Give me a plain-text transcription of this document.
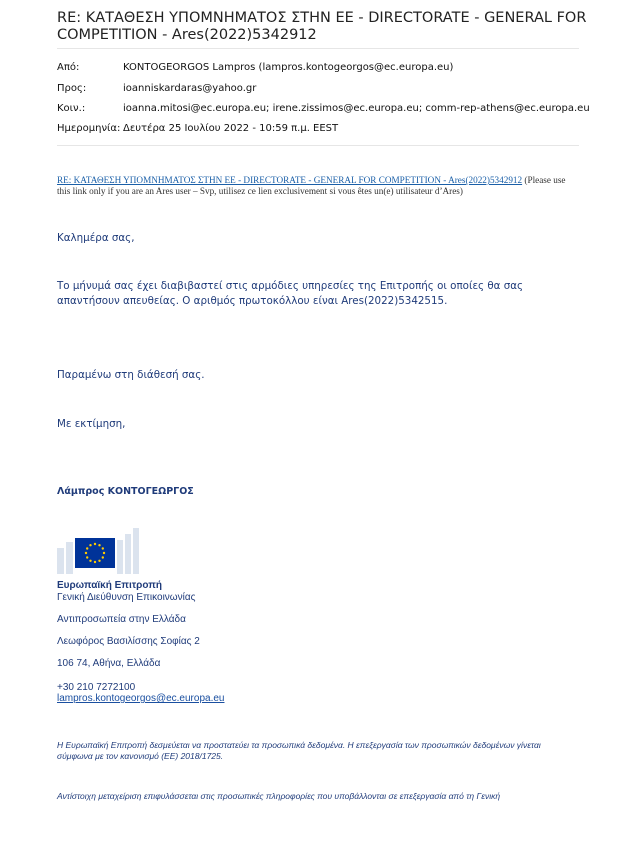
RE: ΚΑΤΑΘΕΣΗ ΥΠΟΜΝΗΜΑΤΟΣ ΣΤΗΝ ΕΕ - DIRECTORATE - GENERAL FOR COMPETITION - Ares(2022)5342912
Από:	KONTOGEORGOS Lampros (lampros.kontogeorgos@ec.europa.eu)
Προς:	ioanniskardaras@yahoo.gr
Κοιν.:	ioanna.mitosi@ec.europa.eu; irene.zissimos@ec.europa.eu; comm-rep-athens@ec.europa.eu
Ημερομηνία: Δευτέρα 25 Ιουλίου 2022 - 10:59 π.μ. EEST
RE: ΚΑΤΑΘΕΣΗ ΥΠΟΜΝΗΜΑΤΟΣ ΣΤΗΝ ΕΕ - DIRECTORATE - GENERAL FOR COMPETITION - Ares(2022)5342912 (Please use this link only if you are an Ares user – Svp, utilisez ce lien exclusivement si vous êtes un(e) utilisateur d’Ares)
Καλημέρα σας,
Το μήνυμά σας έχει διαβιβαστεί στις αρμόδιες υπηρεσίες της Επιτροπής οι οποίες θα σας απαντήσουν απευθείας. Ο αριθμός πρωτοκόλλου είναι Ares(2022)5342515.
Παραμένω στη διάθεσή σας.
Με εκτίμηση,
Λάμπρος ΚΟΝΤΟΓΕΩΡΓΟΣ
Ευρωπαϊκή Επιτροπή
Γενική Διεύθυνση Επικοινωνίας
Αντιπροσωπεία στην Ελλάδα
Λεωφόρος Βασιλίσσης Σοφίας 2
106 74, Αθήνα, Ελλάδα
+30 210 7272100
lampros.kontogeorgos@ec.europa.eu
Η Ευρωπαϊκή Επιτροπή δεσμεύεται να προστατεύει τα προσωπικά δεδομένα. Η επεξεργασία των προσωπικών δεδομένων γίνεται σύμφωνα με τον κανονισμό (ΕΕ) 2018/1725.
Αντίστοιχη μεταχείριση επιφυλάσσεται στις προσωπικές πληροφορίες που υποβάλλονται σε επεξεργασία από τη Γενική
